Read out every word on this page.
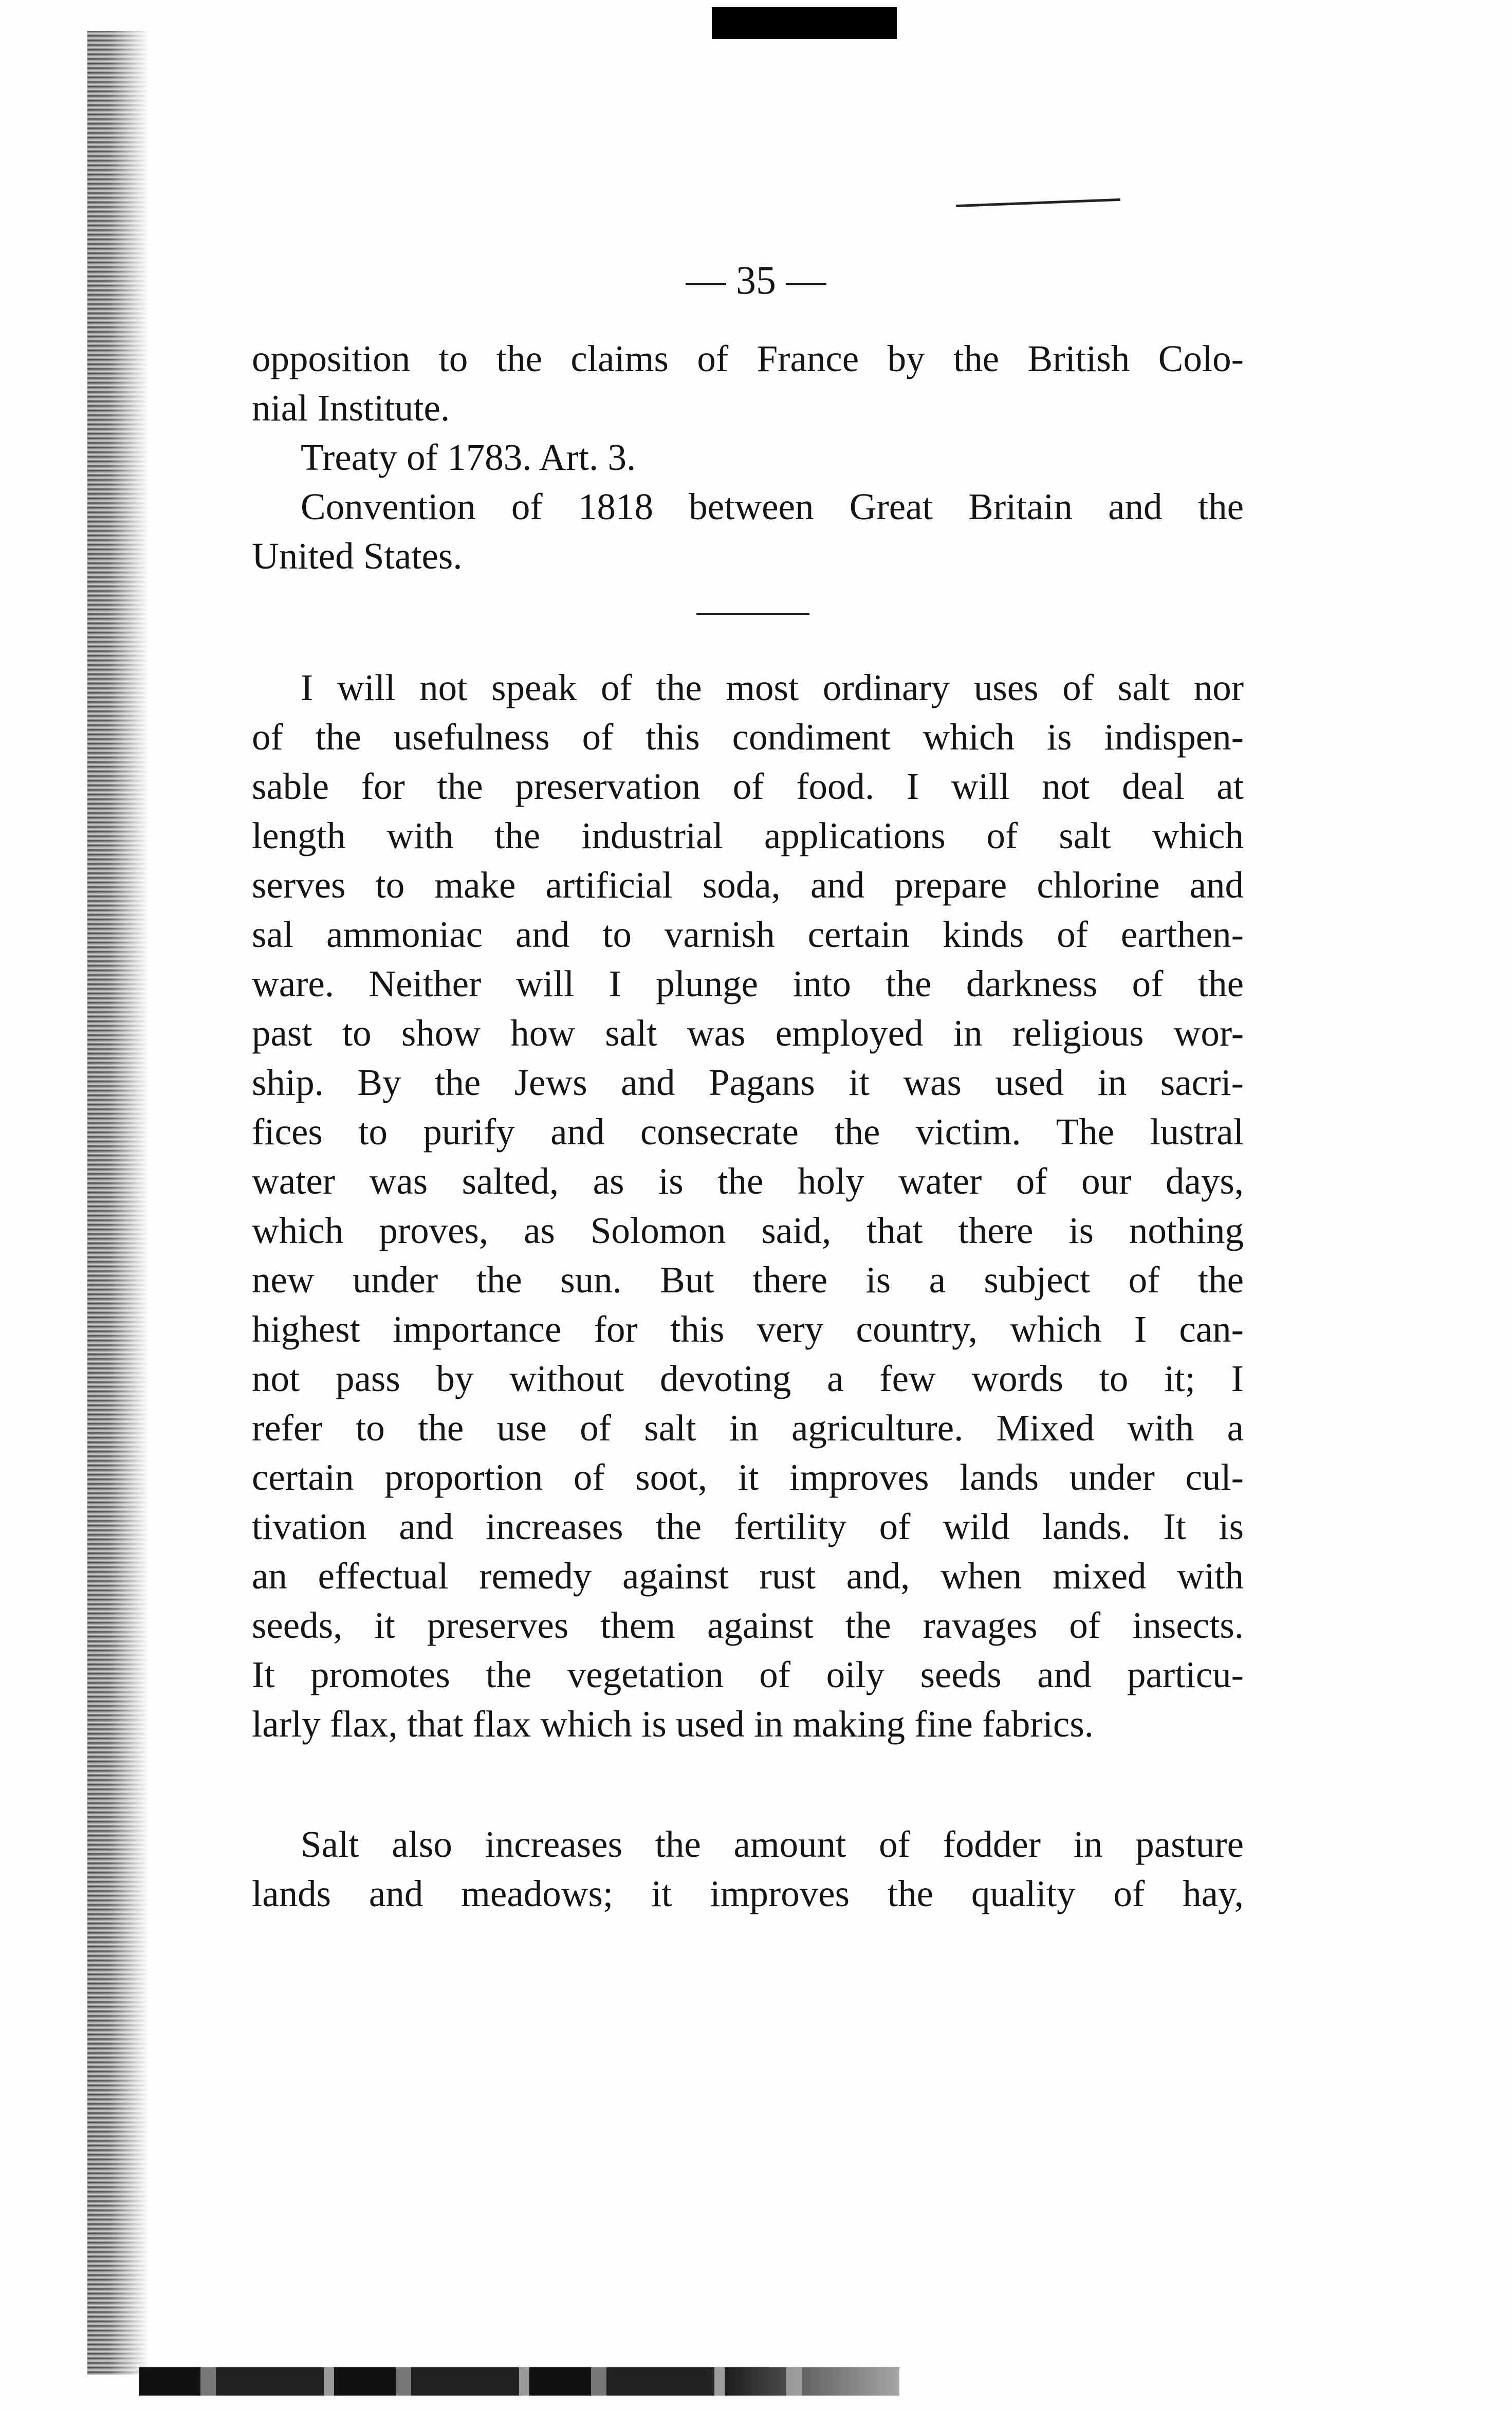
— 35 —
opposition to the claims of France by the British Colo-
nial Institute.
Treaty of 1783. Art. 3.
Convention of 1818 between Great Britain and the
United States.
I will not speak of the most ordinary uses of salt nor
of the usefulness of this condiment which is indispen-
sable for the preservation of food. I will not deal at
length with the industrial applications of salt which
serves to make artificial soda, and prepare chlorine and
sal ammoniac and to varnish certain kinds of earthen-
ware. Neither will I plunge into the darkness of the
past to show how salt was employed in religious wor-
ship. By the Jews and Pagans it was used in sacri-
fices to purify and consecrate the victim. The lustral
water was salted, as is the holy water of our days,
which proves, as Solomon said, that there is nothing
new under the sun. But there is a subject of the
highest importance for this very country, which I can-
not pass by without devoting a few words to it; I
refer to the use of salt in agriculture. Mixed with a
certain proportion of soot, it improves lands under cul-
tivation and increases the fertility of wild lands. It is
an effectual remedy against rust and, when mixed with
seeds, it preserves them against the ravages of insects.
It promotes the vegetation of oily seeds and particu-
larly flax, that flax which is used in making fine fabrics.
Salt also increases the amount of fodder in pasture
lands and meadows; it improves the quality of hay,
